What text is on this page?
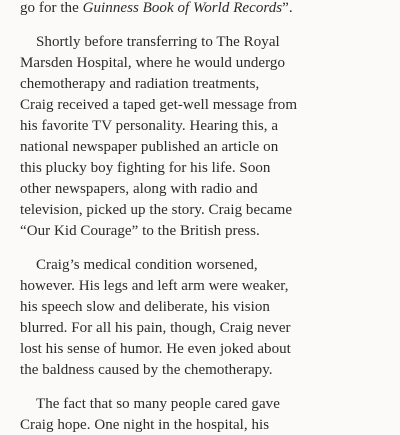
go for the Guinness Book of World Records”.

Shortly before transferring to The Royal

Marsden Hospital, where he would undergo

chemotherapy and radiation treatments,

Craig received a taped get-well message from

his favorite TV personality. Hearing this, a

national newspaper published an article on

this plucky boy fighting for his life. Soon

other newspapers, along with radio and

television, picked up the story. Craig became

“Our Kid Courage” to the British press.

Craig’s medical condition worsened,

however. His legs and left arm were weaker,

his speech slow and deliberate, his vision

blurred. For all his pain, though, Craig never

lost his sense of humor. He even joked about

the baldness caused by the chemotherapy.

The fact that so many people cared gave

Craig hope. One night in the hospital, his
